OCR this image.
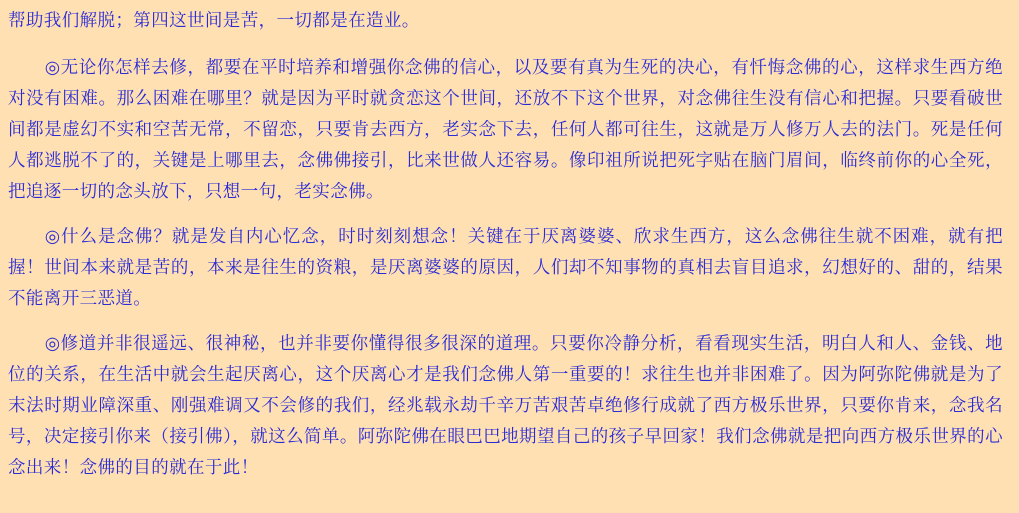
帮助我们解脱；第四这世间是苦，一切都是在造业。

◎无论你怎样去修，都要在平时培养和增强你念佛的信心，以及要有真为生死的决心，有忏悔念佛的心，这样求生西方绝对没有困难。那么困难在哪里？就是因为平时就贪恋这个世间，还放不下这个世界，对念佛往生没有信心和把握。只要看破世间都是虚幻不实和空苦无常，不留恋，只要肯去西方，老实念下去，任何人都可往生，这就是万人修万人去的法门。死是任何人都逃脱不了的，关键是上哪里去，念佛佛接引，比来世做人还容易。像印祖所说把死字贴在脑门眉间，临终前你的心全死，把追逐一切的念头放下，只想一句，老实念佛。

◎什么是念佛？就是发自内心忆念，时时刻刻想念！关键在于厌离婆婆、欣求生西方，这么念佛往生就不困难，就有把握！世间本来就是苦的，本来是往生的资粮，是厌离婆婆的原因，人们却不知事物的真相去盲目追求，幻想好的、甜的，结果不能离开三恶道。

◎修道并非很遥远、很神秘，也并非要你懂得很多很深的道理。只要你冷静分析，看看现实生活，明白人和人、金钱、地位的关系，在生活中就会生起厌离心，这个厌离心才是我们念佛人第一重要的！求往生也并非困难了。因为阿弥陀佛就是为了末法时期业障深重、刚强难调又不会修的我们，经兆载永劫千辛万苦艰苦卓绝修行成就了西方极乐世界，只要你肯来，念我名号，决定接引你来（接引佛），就这么简单。阿弥陀佛在眼巴巴地期望自己的孩子早回家！我们念佛就是把向西方极乐世界的心念出来！念佛的目的就在于此！
